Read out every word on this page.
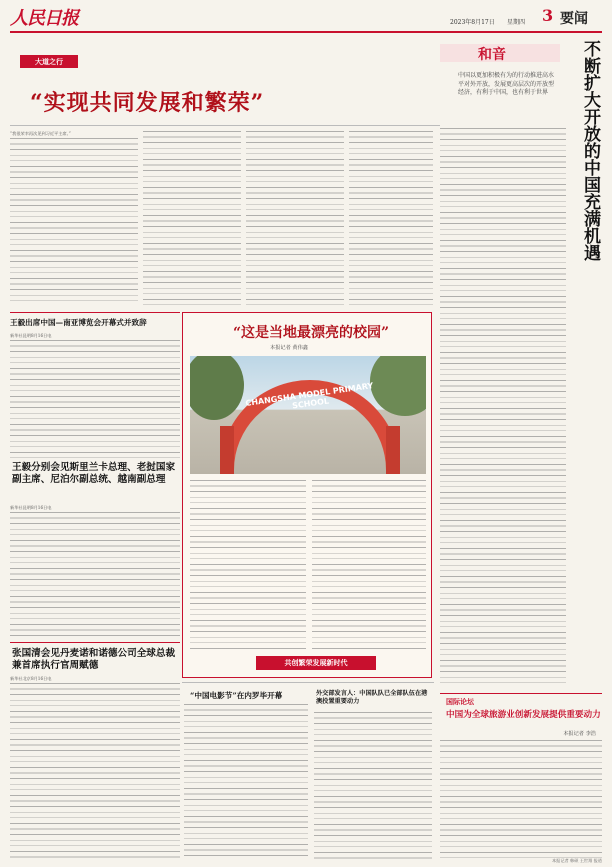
人民日报	2023年8月17日 星期四 3 要闻
大道之行
“实现共同发展和繁荣”
“我很荣幸再次见到习近平主席。”
和音
中国以更加积极有为的行动推进高水平对外开放，发展更高层次的开放型经济，有利于中国，也有利于世界	不断扩大开放的中国充满机遇
王毅出席中国—南亚博览会开幕式并致辞
新华社昆明8月16日电
王毅分别会见斯里兰卡总理、老挝国家副主席、尼泊尔副总统、越南副总理
新华社昆明8月16日电
张国清会见丹麦诺和诺德公司全球总裁兼首席执行官周赋德
新华社北京8月16日电
“这是当地最漂亮的校园”
本报记者 黄伟鑫
CHANGSHA MODEL PRIMARY SCHOOL
共创繁荣发展新时代
国际论坛
中国为全球旅游业创新发展提供重要动力
本报记者 李浩
“中国电影节”在内罗毕开幕	外交部发言人：中国队队已全部队伍在港澳投置重要动力
本报记者 韩硕 王世翔 报道
